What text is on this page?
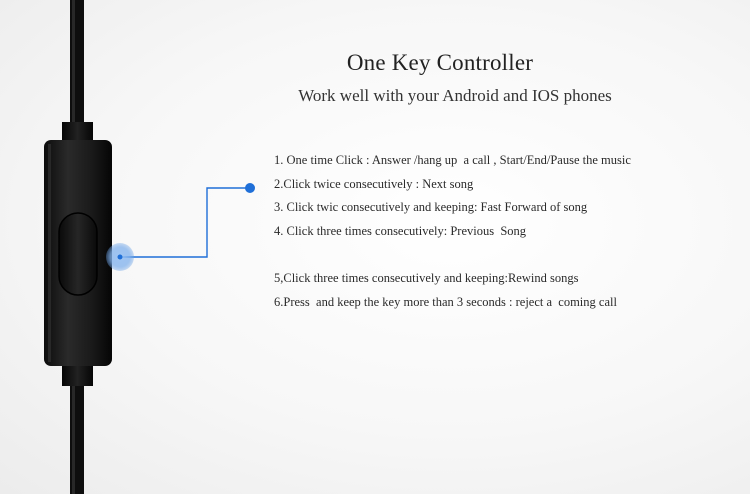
One Key Controller
Work well with your Android and IOS phones
1. One time Click : Answer /hang up  a call , Start/End/Pause the music
2.Click twice consecutively : Next song
3. Click twic consecutively and keeping: Fast Forward of song
4. Click three times consecutively: Previous  Song
5,Click three times consecutively and keeping:Rewind songs
6.Press  and keep the key more than 3 seconds : reject a  coming call
